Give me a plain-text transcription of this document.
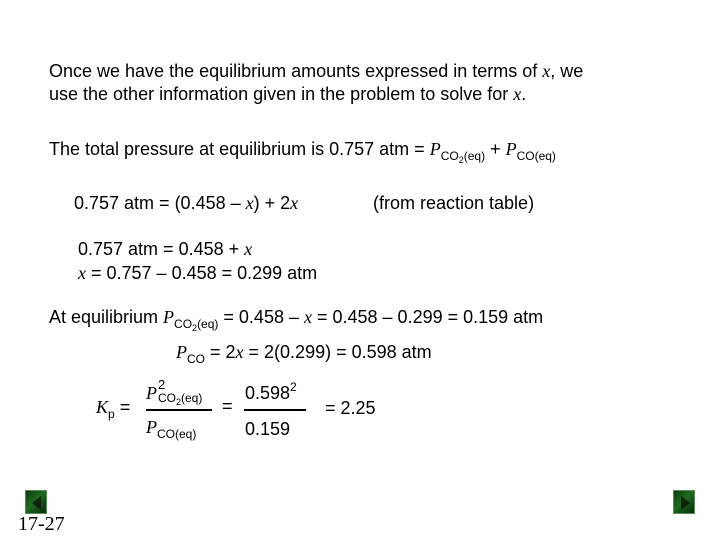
Once we have the equilibrium amounts expressed in terms of x, we
use the other information given in the problem to solve for x.
The total pressure at equilibrium is 0.757 atm = $P_{CO_2(eq)} + P_{CO(eq)}$
0.757 atm = (0.458 – x) + 2x	(from reaction table)
0.757 atm = 0.458 + x
x = 0.757 – 0.458 = 0.299 atm
At equilibrium $P_{CO_2(eq)} = 0.458 - x = 0.458 - 0.299 = 0.159$ atm
$P_{CO} = 2x = 2(0.299) = 0.598$ atm
$K_p$ =
P 2
$CO_2(eq)$
$P_{CO(eq)}$
=
$0.598^2$
0.159
= 2.25
17-27
